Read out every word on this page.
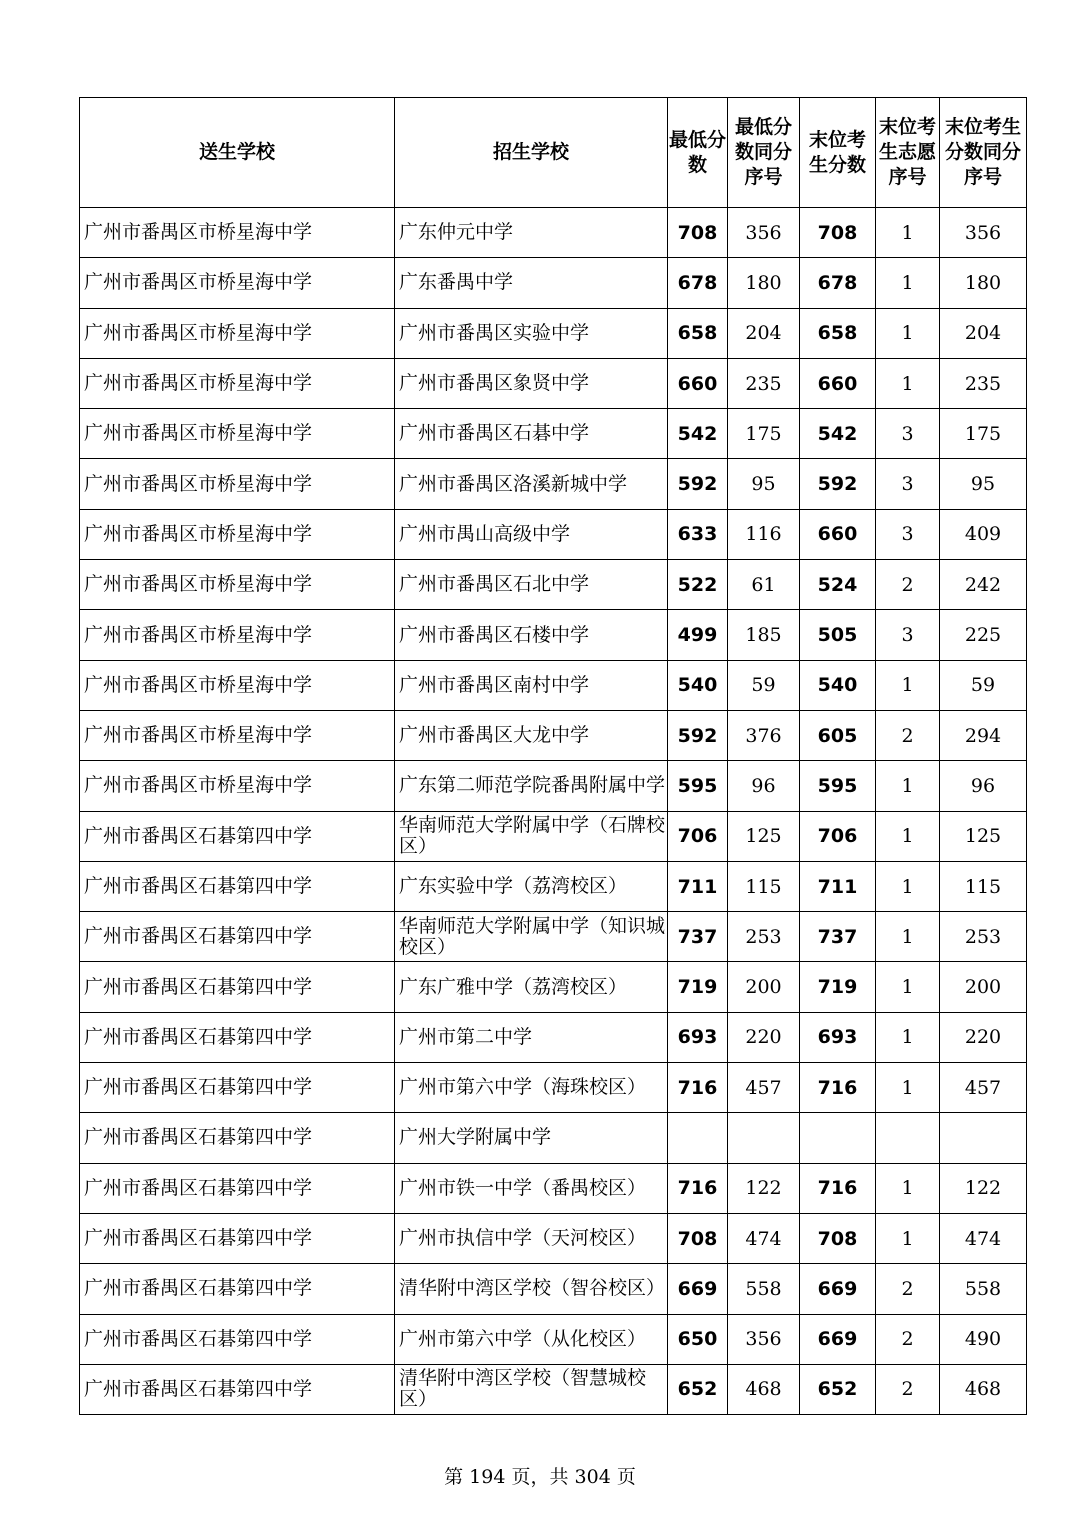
送生学校	招生学校	最低分数	最低分数同分序号	末位考生分数	末位考生志愿序号	末位考生分数同分序号
广州市番禺区市桥星海中学	广东仲元中学	708	356	708	1	356
广州市番禺区市桥星海中学	广东番禺中学	678	180	678	1	180
广州市番禺区市桥星海中学	广州市番禺区实验中学	658	204	658	1	204
广州市番禺区市桥星海中学	广州市番禺区象贤中学	660	235	660	1	235
广州市番禺区市桥星海中学	广州市番禺区石碁中学	542	175	542	3	175
广州市番禺区市桥星海中学	广州市番禺区洛溪新城中学	592	95	592	3	95
广州市番禺区市桥星海中学	广州市禺山高级中学	633	116	660	3	409
广州市番禺区市桥星海中学	广州市番禺区石北中学	522	61	524	2	242
广州市番禺区市桥星海中学	广州市番禺区石楼中学	499	185	505	3	225
广州市番禺区市桥星海中学	广州市番禺区南村中学	540	59	540	1	59
广州市番禺区市桥星海中学	广州市番禺区大龙中学	592	376	605	2	294
广州市番禺区市桥星海中学	广东第二师范学院番禺附属中学	595	96	595	1	96
广州市番禺区石碁第四中学	华南师范大学附属中学（石牌校区）	706	125	706	1	125
广州市番禺区石碁第四中学	广东实验中学（荔湾校区）	711	115	711	1	115
广州市番禺区石碁第四中学	华南师范大学附属中学（知识城校区）	737	253	737	1	253
广州市番禺区石碁第四中学	广东广雅中学（荔湾校区）	719	200	719	1	200
广州市番禺区石碁第四中学	广州市第二中学	693	220	693	1	220
广州市番禺区石碁第四中学	广州市第六中学（海珠校区）	716	457	716	1	457
广州市番禺区石碁第四中学	广州大学附属中学					
广州市番禺区石碁第四中学	广州市铁一中学（番禺校区）	716	122	716	1	122
广州市番禺区石碁第四中学	广州市执信中学（天河校区）	708	474	708	1	474
广州市番禺区石碁第四中学	清华附中湾区学校（智谷校区）	669	558	669	2	558
广州市番禺区石碁第四中学	广州市第六中学（从化校区）	650	356	669	2	490
广州市番禺区石碁第四中学	清华附中湾区学校（智慧城校区）	652	468	652	2	468
第 194 页，共 304 页
